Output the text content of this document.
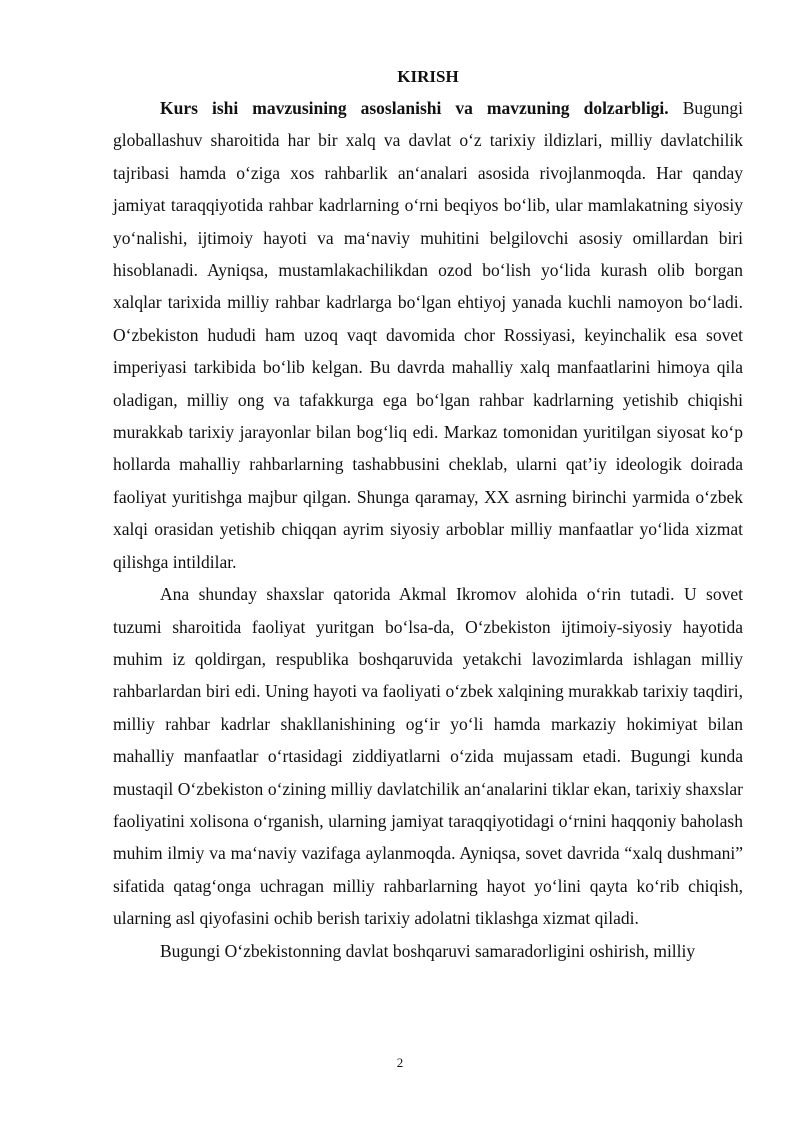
KIRISH

Kurs ishi mavzusining asoslanishi va mavzuning dolzarbligi. Bugungi globallashuv sharoitida har bir xalq va davlat o‘z tarixiy ildizlari, milliy davlatchilik tajribasi hamda o‘ziga xos rahbarlik an‘analari asosida rivojlanmoqda. Har qanday jamiyat taraqqiyotida rahbar kadrlarning o‘rni beqiyos bo‘lib, ular mamlakatning siyosiy yo‘nalishi, ijtimoiy hayoti va ma‘naviy muhitini belgilovchi asosiy omillardan biri hisoblanadi. Ayniqsa, mustamlakachilikdan ozod bo‘lish yo‘lida kurash olib borgan xalqlar tarixida milliy rahbar kadrlarga bo‘lgan ehtiyoj yanada kuchli namoyon bo‘ladi. O‘zbekiston hududi ham uzoq vaqt davomida chor Rossiyasi, keyinchalik esa sovet imperiyasi tarkibida bo‘lib kelgan. Bu davrda mahalliy xalq manfaatlarini himoya qila oladigan, milliy ong va tafakkurga ega bo‘lgan rahbar kadrlarning yetishib chiqishi murakkab tarixiy jarayonlar bilan bog‘liq edi. Markaz tomonidan yuritilgan siyosat ko‘p hollarda mahalliy rahbarlarning tashabbusini cheklab, ularni qat’iy ideologik doirada faoliyat yuritishga majbur qilgan. Shunga qaramay, XX asrning birinchi yarmida o‘zbek xalqi orasidan yetishib chiqqan ayrim siyosiy arboblar milliy manfaatlar yo‘lida xizmat qilishga intildilar.

Ana shunday shaxslar qatorida Akmal Ikromov alohida o‘rin tutadi. U sovet tuzumi sharoitida faoliyat yuritgan bo‘lsa-da, O‘zbekiston ijtimoiy-siyosiy hayotida muhim iz qoldirgan, respublika boshqaruvida yetakchi lavozimlarda ishlagan milliy rahbarlardan biri edi. Uning hayoti va faoliyati o‘zbek xalqining murakkab tarixiy taqdiri, milliy rahbar kadrlar shakllanishining og‘ir yo‘li hamda markaziy hokimiyat bilan mahalliy manfaatlar o‘rtasidagi ziddiyatlarni o‘zida mujassam etadi. Bugungi kunda mustaqil O‘zbekiston o‘zining milliy davlatchilik an‘analarini tiklar ekan, tarixiy shaxslar faoliyatini xolisona o‘rganish, ularning jamiyat taraqqiyotidagi o‘rnini haqqoniy baholash muhim ilmiy va ma‘naviy vazifaga aylanmoqda. Ayniqsa, sovet davrida “xalq dushmani” sifatida qatag‘onga uchragan milliy rahbarlarning hayot yo‘lini qayta ko‘rib chiqish, ularning asl qiyofasini ochib berish tarixiy adolatni tiklashga xizmat qiladi.

Bugungi O‘zbekistonning davlat boshqaruvi samaradorligini oshirish, milliy

2
